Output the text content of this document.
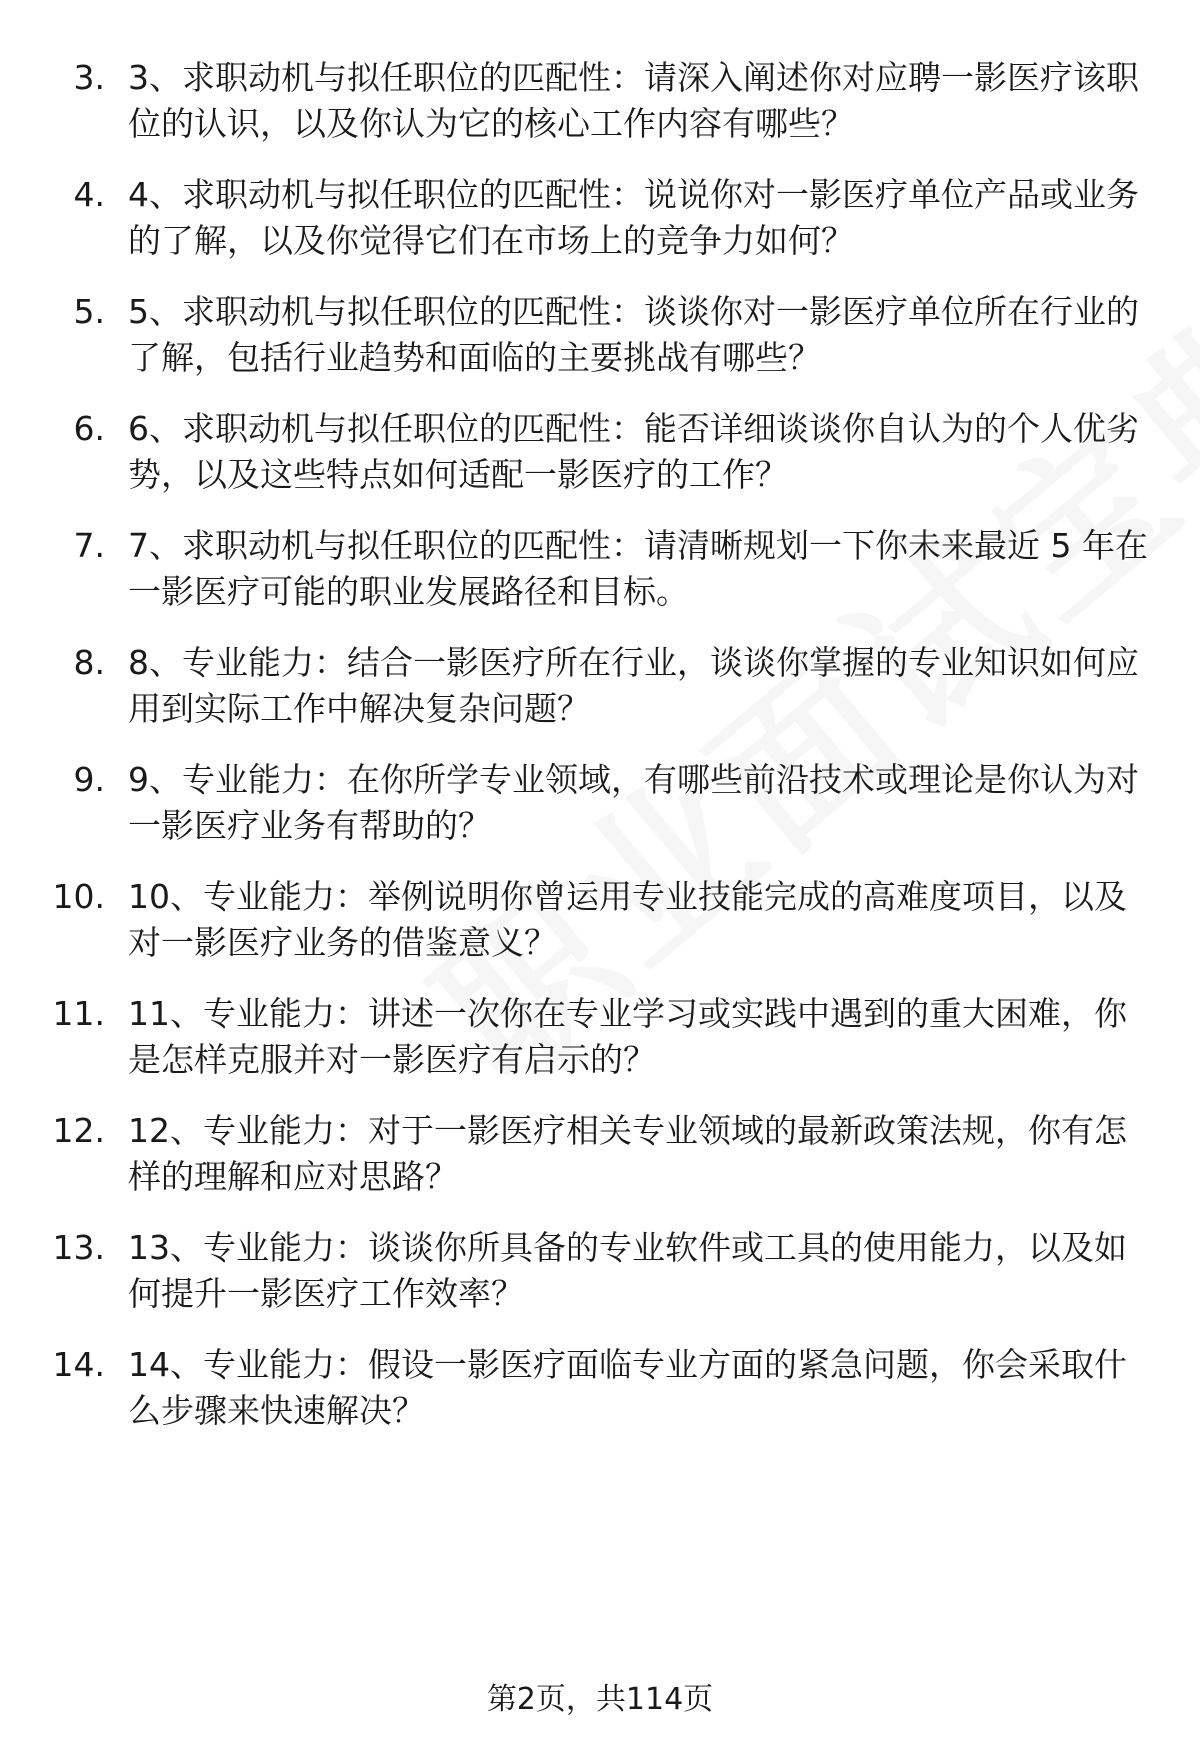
3. 3、求职动机与拟任职位的匹配性：请深入阐述你对应聘一影医疗该职位的认识，以及你认为它的核心工作内容有哪些？
4. 4、求职动机与拟任职位的匹配性：说说你对一影医疗单位产品或业务的了解，以及你觉得它们在市场上的竞争力如何？
5. 5、求职动机与拟任职位的匹配性：谈谈你对一影医疗单位所在行业的了解，包括行业趋势和面临的主要挑战有哪些？
6. 6、求职动机与拟任职位的匹配性：能否详细谈谈你自认为的个人优劣势，以及这些特点如何适配一影医疗的工作？
7. 7、求职动机与拟任职位的匹配性：请清晰规划一下你未来最近 5 年在一影医疗可能的职业发展路径和目标。
8. 8、专业能力：结合一影医疗所在行业，谈谈你掌握的专业知识如何应用到实际工作中解决复杂问题？
9. 9、专业能力：在你所学专业领域，有哪些前沿技术或理论是你认为对一影医疗业务有帮助的？
10. 10、专业能力：举例说明你曾运用专业技能完成的高难度项目，以及对一影医疗业务的借鉴意义？
11. 11、专业能力：讲述一次你在专业学习或实践中遇到的重大困难，你是怎样克服并对一影医疗有启示的？
12. 12、专业能力：对于一影医疗相关专业领域的最新政策法规，你有怎样的理解和应对思路？
13. 13、专业能力：谈谈你所具备的专业软件或工具的使用能力，以及如何提升一影医疗工作效率？
14. 14、专业能力：假设一影医疗面临专业方面的紧急问题，你会采取什么步骤来快速解决？
第2页，共114页
